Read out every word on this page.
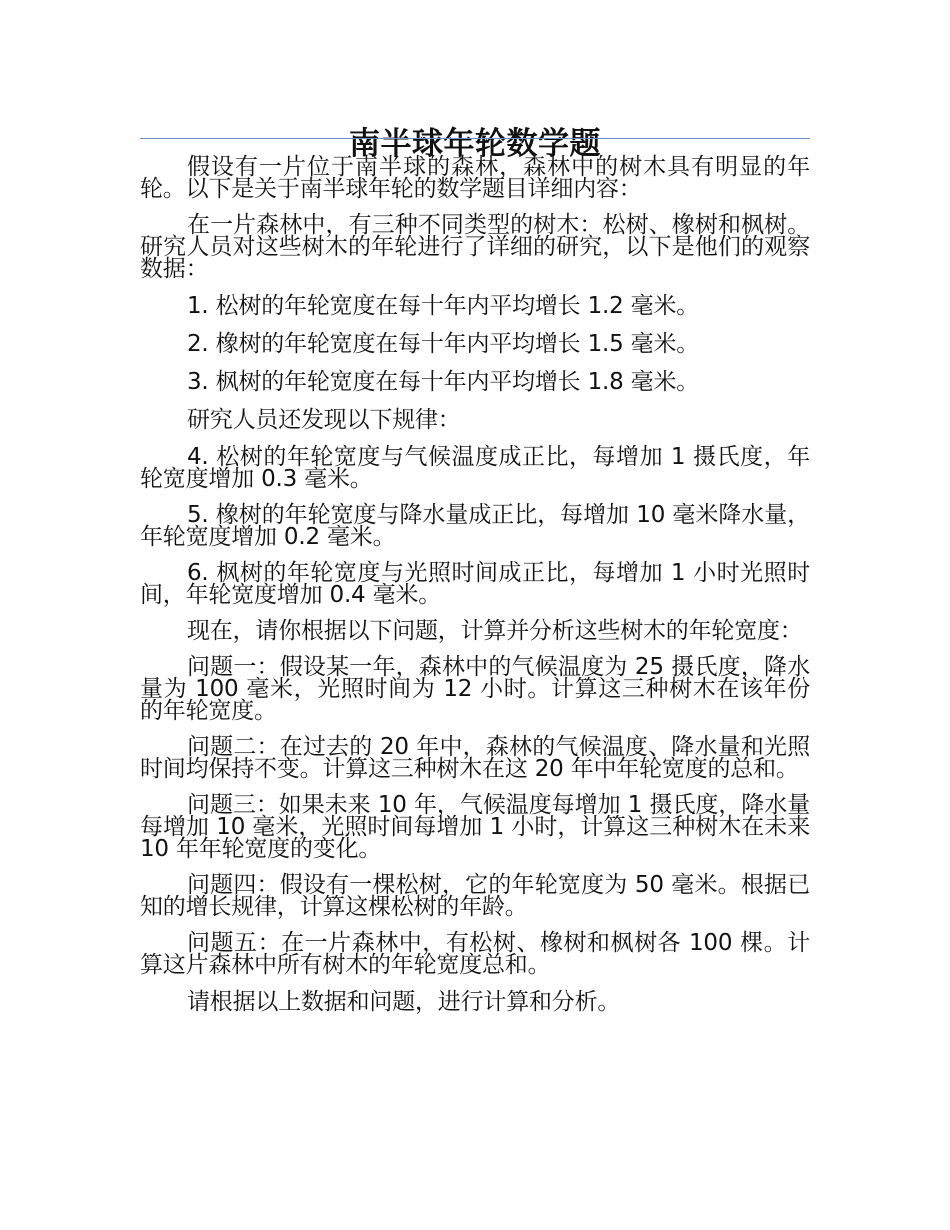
南半球年轮数学题

假设有一片位于南半球的森林，森林中的树木具有明显的年轮。以下是关于南半球年轮的数学题目详细内容：

在一片森林中，有三种不同类型的树木：松树、橡树和枫树。研究人员对这些树木的年轮进行了详细的研究，以下是他们的观察数据：

1. 松树的年轮宽度在每十年内平均增长 1.2 毫米。

2. 橡树的年轮宽度在每十年内平均增长 1.5 毫米。

3. 枫树的年轮宽度在每十年内平均增长 1.8 毫米。

研究人员还发现以下规律：

4. 松树的年轮宽度与气候温度成正比，每增加 1 摄氏度，年轮宽度增加 0.3 毫米。

5. 橡树的年轮宽度与降水量成正比，每增加 10 毫米降水量，年轮宽度增加 0.2 毫米。

6. 枫树的年轮宽度与光照时间成正比，每增加 1 小时光照时间，年轮宽度增加 0.4 毫米。

现在，请你根据以下问题，计算并分析这些树木的年轮宽度：

问题一：假设某一年，森林中的气候温度为 25 摄氏度，降水量为 100 毫米，光照时间为 12 小时。计算这三种树木在该年份的年轮宽度。

问题二：在过去的 20 年中，森林的气候温度、降水量和光照时间均保持不变。计算这三种树木在这 20 年中年轮宽度的总和。

问题三：如果未来 10 年，气候温度每增加 1 摄氏度，降水量每增加 10 毫米，光照时间每增加 1 小时，计算这三种树木在未来 10 年年轮宽度的变化。

问题四：假设有一棵松树，它的年轮宽度为 50 毫米。根据已知的增长规律，计算这棵松树的年龄。

问题五：在一片森林中，有松树、橡树和枫树各 100 棵。计算这片森林中所有树木的年轮宽度总和。

请根据以上数据和问题，进行计算和分析。
